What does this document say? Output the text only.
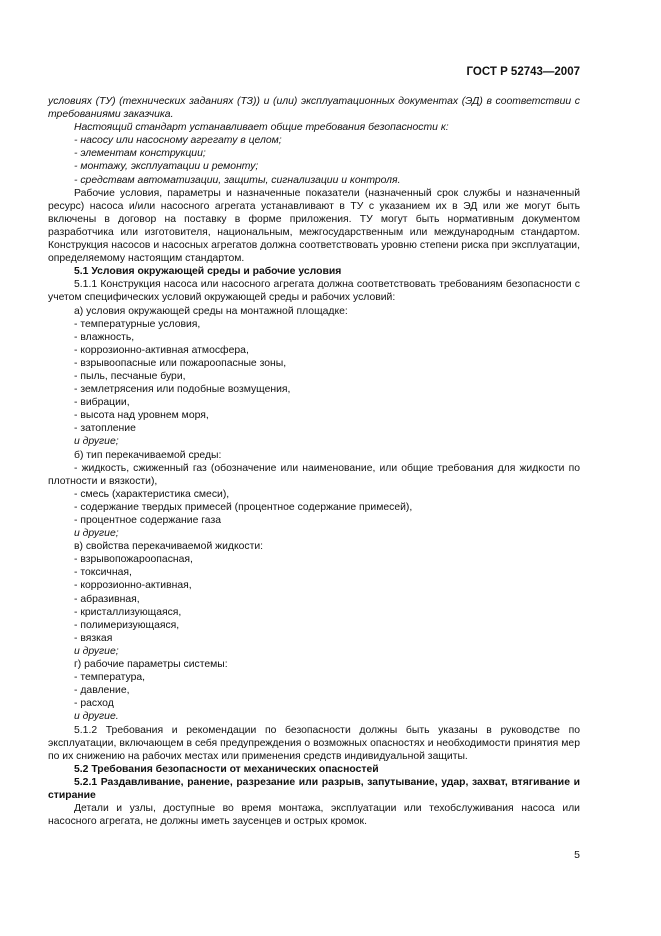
ГОСТ Р 52743—2007

условиях (ТУ) (технических заданиях (ТЗ)) и (или) эксплуатационных документах (ЭД) в соответствии с требованиями заказчика.

Настоящий стандарт устанавливает общие требования безопасности к:

- насосу или насосному агрегату в целом;

- элементам конструкции;

- монтажу, эксплуатации и ремонту;

- средствам автоматизации, защиты, сигнализации и контроля.

Рабочие условия, параметры и назначенные показатели (назначенный срок службы и назначенный ресурс) насоса и/или насосного агрегата устанавливают в ТУ с указанием их в ЭД или же могут быть включены в договор на поставку в форме приложения. ТУ могут быть нормативным документом разработчика или изготовителя, национальным, межгосударственным или международным стандартом. Конструкция насосов и насосных агрегатов должна соответствовать уровню степени риска при эксплуатации, определяемому настоящим стандартом.

5.1 Условия окружающей среды и рабочие условия

5.1.1 Конструкция насоса или насосного агрегата должна соответствовать требованиям безопасности с учетом специфических условий окружающей среды и рабочих условий:

а) условия окружающей среды на монтажной площадке:

- температурные условия,

- влажность,

- коррозионно-активная атмосфера,

- взрывоопасные или пожароопасные зоны,

- пыль, песчаные бури,

- землетрясения или подобные возмущения,

- вибрации,

- высота над уровнем моря,

- затопление

и другие;

б) тип перекачиваемой среды:

- жидкость, сжиженный газ (обозначение или наименование, или общие требования для жидкости по плотности и вязкости),

- смесь (характеристика смеси),

- содержание твердых примесей (процентное содержание примесей),

- процентное содержание газа

и другие;

в) свойства перекачиваемой жидкости:

- взрывопожароопасная,

- токсичная,

- коррозионно-активная,

- абразивная,

- кристаллизующаяся,

- полимеризующаяся,

- вязкая

и другие;

г) рабочие параметры системы:

- температура,

- давление,

- расход

и другие.

5.1.2 Требования и рекомендации по безопасности должны быть указаны в руководстве по эксплуатации, включающем в себя предупреждения о возможных опасностях и необходимости принятия мер по их снижению на рабочих местах или применения средств индивидуальной защиты.

5.2 Требования безопасности от механических опасностей

5.2.1 Раздавливание, ранение, разрезание или разрыв, запутывание, удар, захват, втягивание и стирание

Детали и узлы, доступные во время монтажа, эксплуатации или техобслуживания насоса или насосного агрегата, не должны иметь заусенцев и острых кромок.

5
